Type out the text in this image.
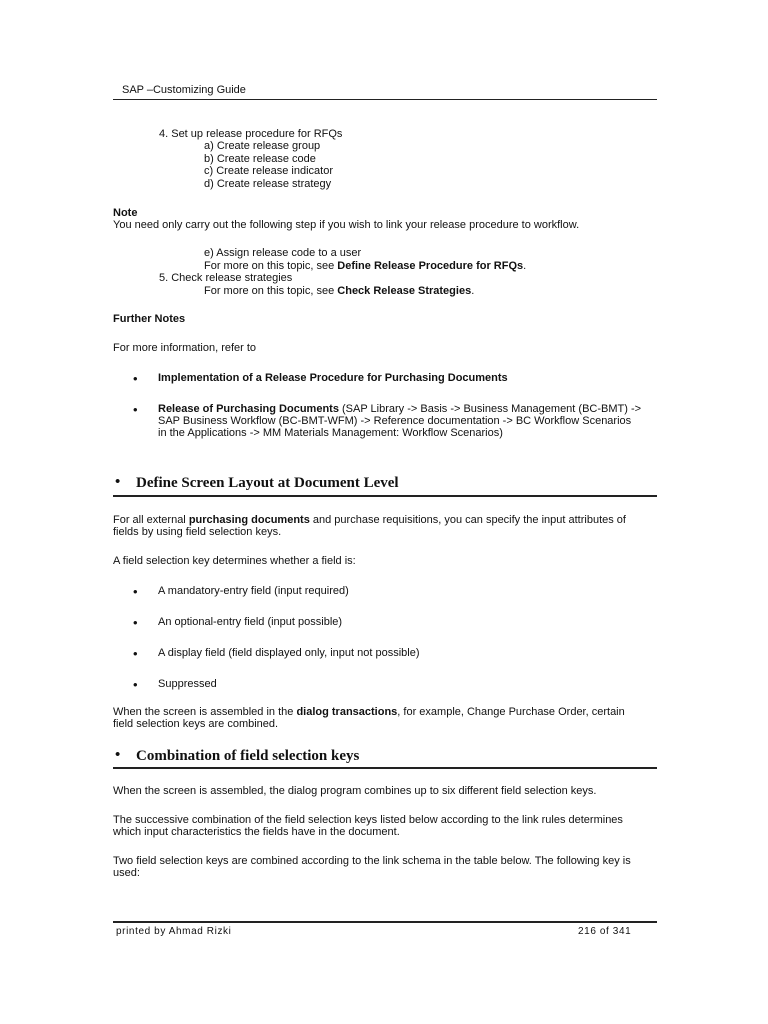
SAP –Customizing Guide
4. Set up release procedure for RFQs
a) Create release group
b) Create release code
c) Create release indicator
d) Create release strategy
Note
You need only carry out the following step if you wish to link your release procedure to workflow.
e) Assign release code to a user
For more on this topic, see Define Release Procedure for RFQs.
5. Check release strategies
For more on this topic, see Check Release Strategies.
Further Notes
For more information, refer to
• Implementation of a Release Procedure for Purchasing Documents
• Release of Purchasing Documents (SAP Library -> Basis -> Business Management (BC-BMT) ->
SAP Business Workflow (BC-BMT-WFM) -> Reference documentation -> BC Workflow Scenarios
in the Applications -> MM Materials Management: Workflow Scenarios)
• Define Screen Layout at Document Level
For all external purchasing documents and purchase requisitions, you can specify the input attributes of
fields by using field selection keys.
A field selection key determines whether a field is:
• A mandatory-entry field (input required)
• An optional-entry field (input possible)
• A display field (field displayed only, input not possible)
• Suppressed
When the screen is assembled in the dialog transactions, for example, Change Purchase Order, certain
field selection keys are combined.
• Combination of field selection keys
When the screen is assembled, the dialog program combines up to six different field selection keys.
The successive combination of the field selection keys listed below according to the link rules determines
which input characteristics the fields have in the document.
Two field selection keys are combined according to the link schema in the table below. The following key is
used:
printed by Ahmad Rizki	216 of 341
